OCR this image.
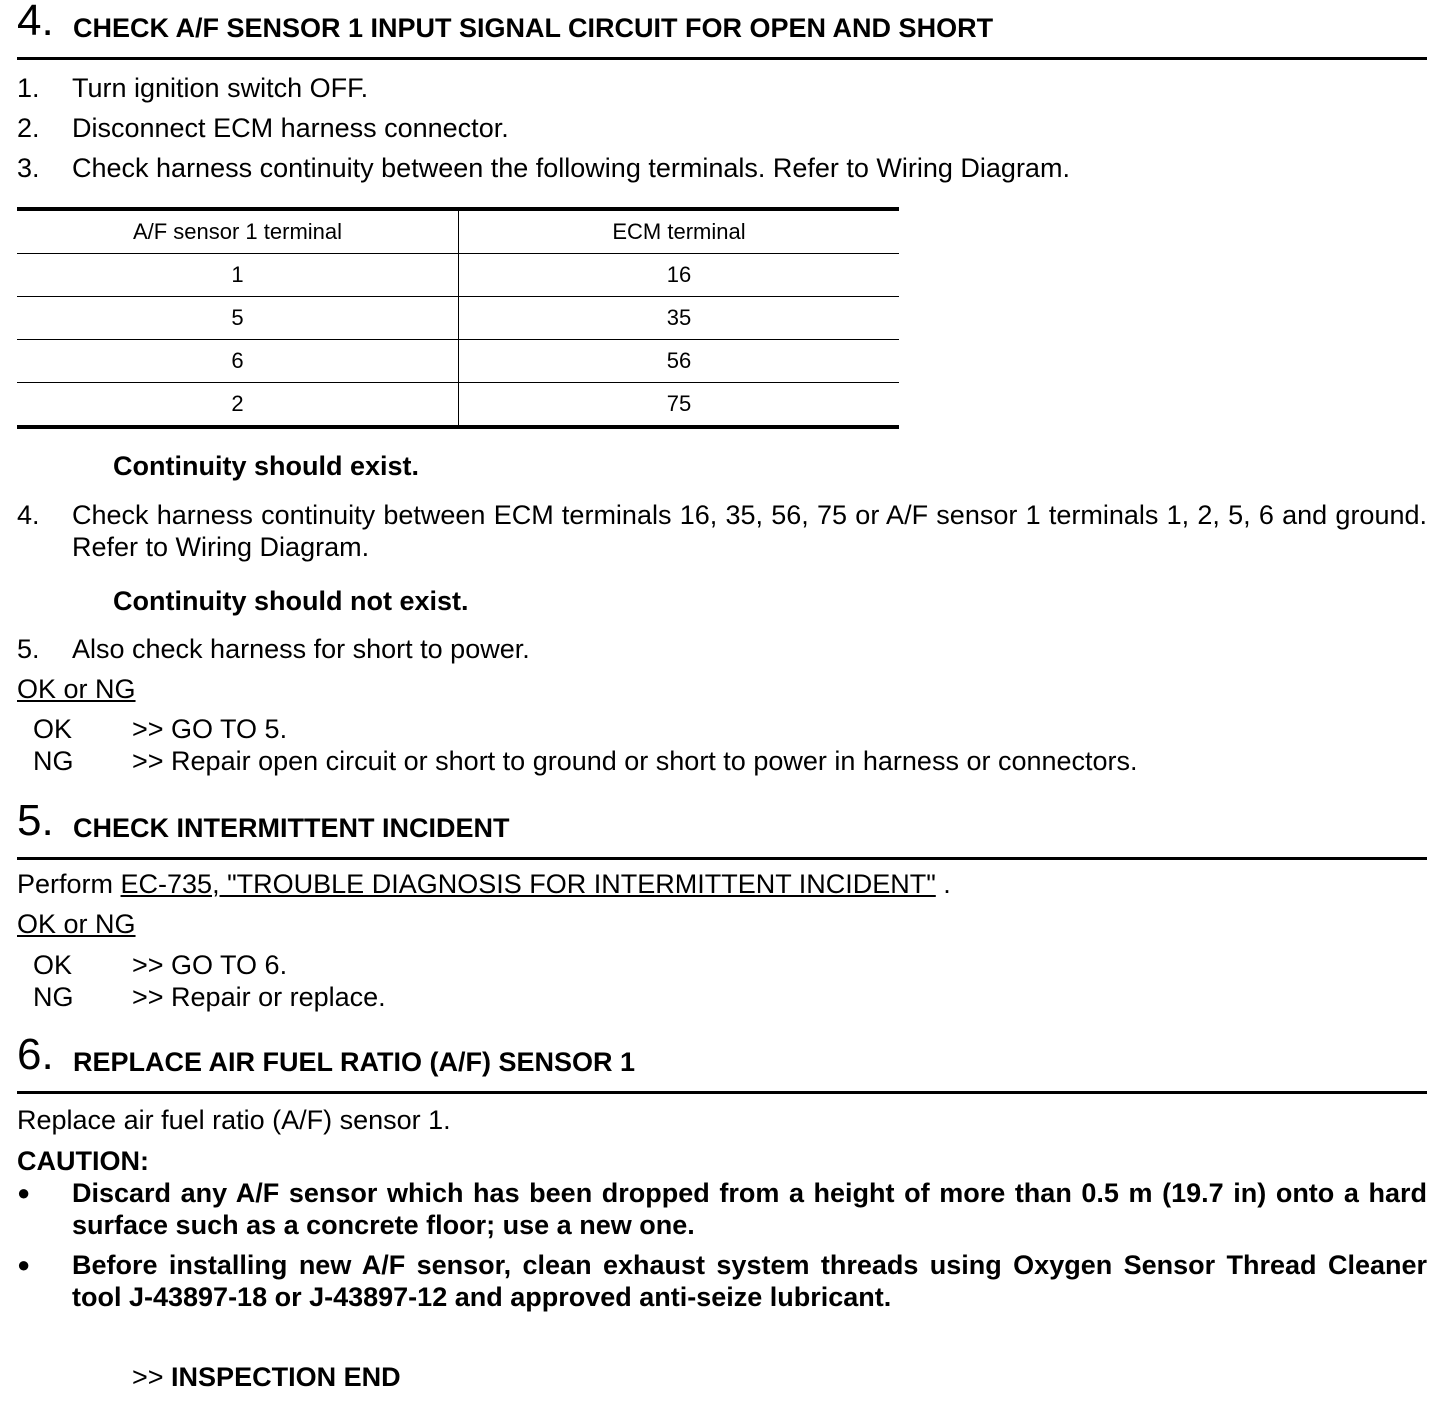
4. CHECK A/F SENSOR 1 INPUT SIGNAL CIRCUIT FOR OPEN AND SHORT
1. Turn ignition switch OFF.
2. Disconnect ECM harness connector.
3. Check harness continuity between the following terminals. Refer to Wiring Diagram.
A/F sensor 1 terminal	ECM terminal
1	16
5	35
6	56
2	75
Continuity should exist.
4. Check harness continuity between ECM terminals 16, 35, 56, 75 or A/F sensor 1 terminals 1, 2, 5, 6 and ground. Refer to Wiring Diagram.
Continuity should not exist.
5. Also check harness for short to power.
OK or NG
OK >> GO TO 5.
NG >> Repair open circuit or short to ground or short to power in harness or connectors.
5. CHECK INTERMITTENT INCIDENT
Perform EC-735, "TROUBLE DIAGNOSIS FOR INTERMITTENT INCIDENT" .
OK or NG
OK >> GO TO 6.
NG >> Repair or replace.
6. REPLACE AIR FUEL RATIO (A/F) SENSOR 1
Replace air fuel ratio (A/F) sensor 1.
CAUTION:
● Discard any A/F sensor which has been dropped from a height of more than 0.5 m (19.7 in) onto a hard surface such as a concrete floor; use a new one.
● Before installing new A/F sensor, clean exhaust system threads using Oxygen Sensor Thread Cleaner tool J-43897-18 or J-43897-12 and approved anti-seize lubricant.
>> INSPECTION END
